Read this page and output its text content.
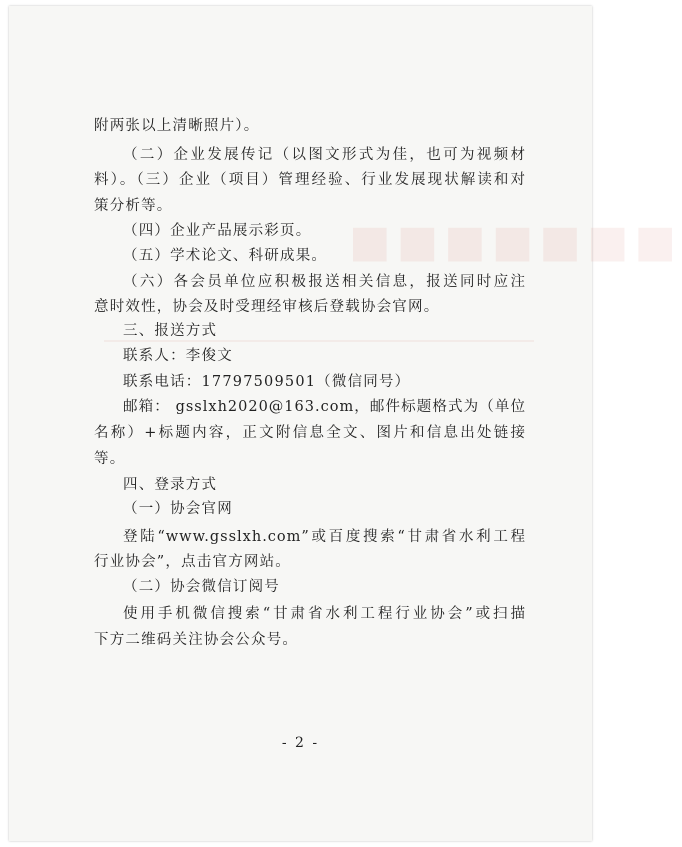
■■■■■■■
附两张以上清晰照片）。
（二）企业发展传记（以图文形式为佳，也可为视频材
料）。（三）企业（项目）管理经验、行业发展现状解读和对
策分析等。
（四）企业产品展示彩页。
（五）学术论文、科研成果。
（六）各会员单位应积极报送相关信息，报送同时应注
意时效性，协会及时受理经审核后登载协会官网。
三、报送方式
联系人：李俊文
联系电话：17797509501（微信同号）
邮箱： gsslxh2020@163.com，邮件标题格式为（单位
名称）+标题内容，正文附信息全文、图片和信息出处链接
等。
四、登录方式
（一）协会官网
登陆“www.gsslxh.com”或百度搜索“甘肃省水利工程
行业协会”，点击官方网站。
（二）协会微信订阅号
使用手机微信搜索“甘肃省水利工程行业协会”或扫描
下方二维码关注协会公众号。
- 2 -
